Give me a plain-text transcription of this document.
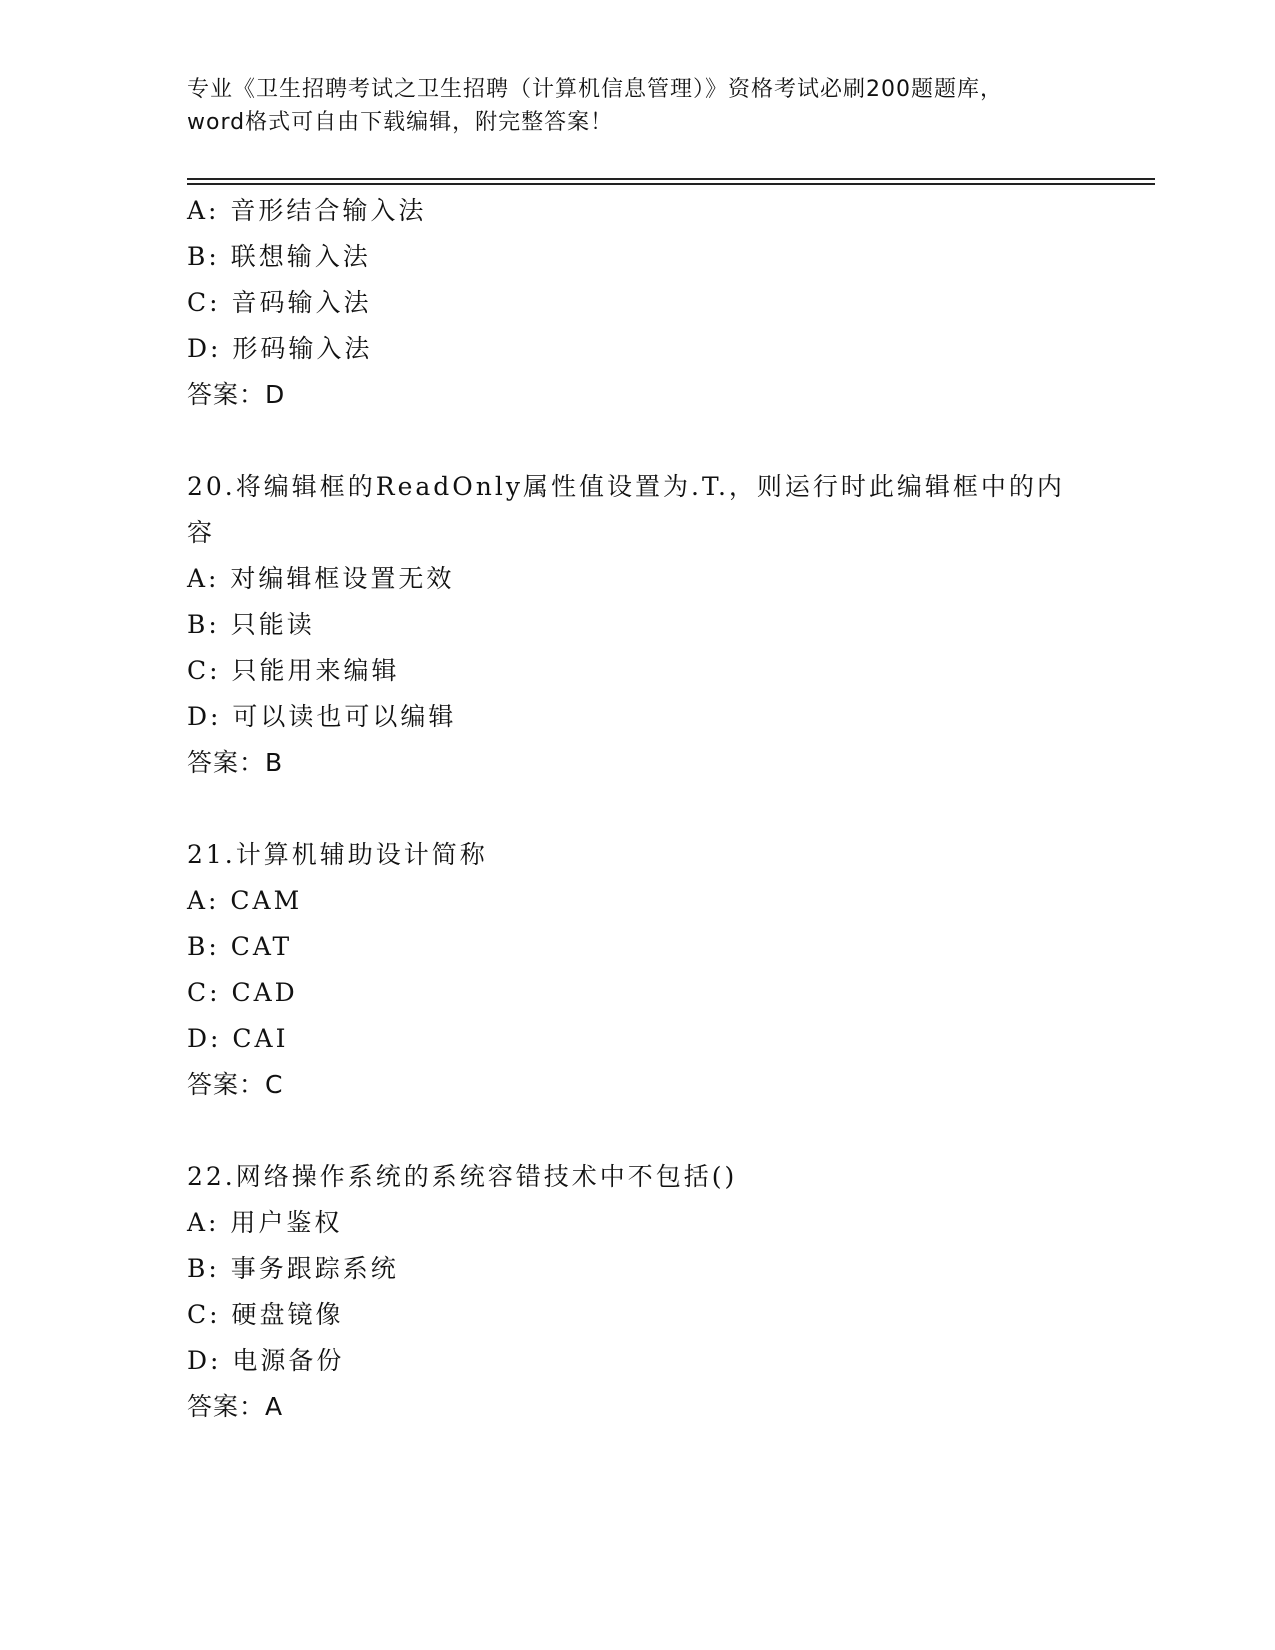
专业《卫生招聘考试之卫生招聘（计算机信息管理）》资格考试必刷200题题库，
word格式可自由下载编辑，附完整答案！
A: 音形结合输入法
B: 联想输入法
C: 音码输入法
D: 形码输入法
答案：D
20.将编辑框的ReadOnly属性值设置为.T.，则运行时此编辑框中的内
容
A: 对编辑框设置无效
B: 只能读
C: 只能用来编辑
D: 可以读也可以编辑
答案：B
21.计算机辅助设计简称
A: CAM
B: CAT
C: CAD
D: CAI
答案：C
22.网络操作系统的系统容错技术中不包括()
A: 用户鉴权
B: 事务跟踪系统
C: 硬盘镜像
D: 电源备份
答案：A
